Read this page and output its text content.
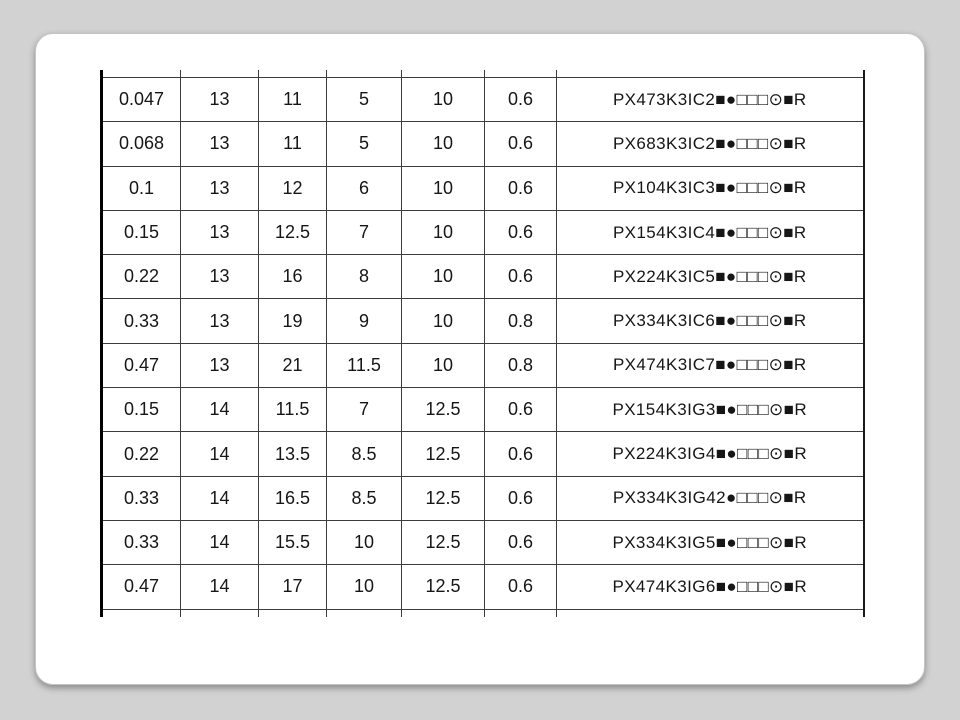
0.047	13	11	5	10	0.6	PX473K3IC2■●□□□⊙■R
0.068	13	11	5	10	0.6	PX683K3IC2■●□□□⊙■R
0.1	13	12	6	10	0.6	PX104K3IC3■●□□□⊙■R
0.15	13	12.5	7	10	0.6	PX154K3IC4■●□□□⊙■R
0.22	13	16	8	10	0.6	PX224K3IC5■●□□□⊙■R
0.33	13	19	9	10	0.8	PX334K3IC6■●□□□⊙■R
0.47	13	21	11.5	10	0.8	PX474K3IC7■●□□□⊙■R
0.15	14	11.5	7	12.5	0.6	PX154K3IG3■●□□□⊙■R
0.22	14	13.5	8.5	12.5	0.6	PX224K3IG4■●□□□⊙■R
0.33	14	16.5	8.5	12.5	0.6	PX334K3IG42●□□□⊙■R
0.33	14	15.5	10	12.5	0.6	PX334K3IG5■●□□□⊙■R
0.47	14	17	10	12.5	0.6	PX474K3IG6■●□□□⊙■R
